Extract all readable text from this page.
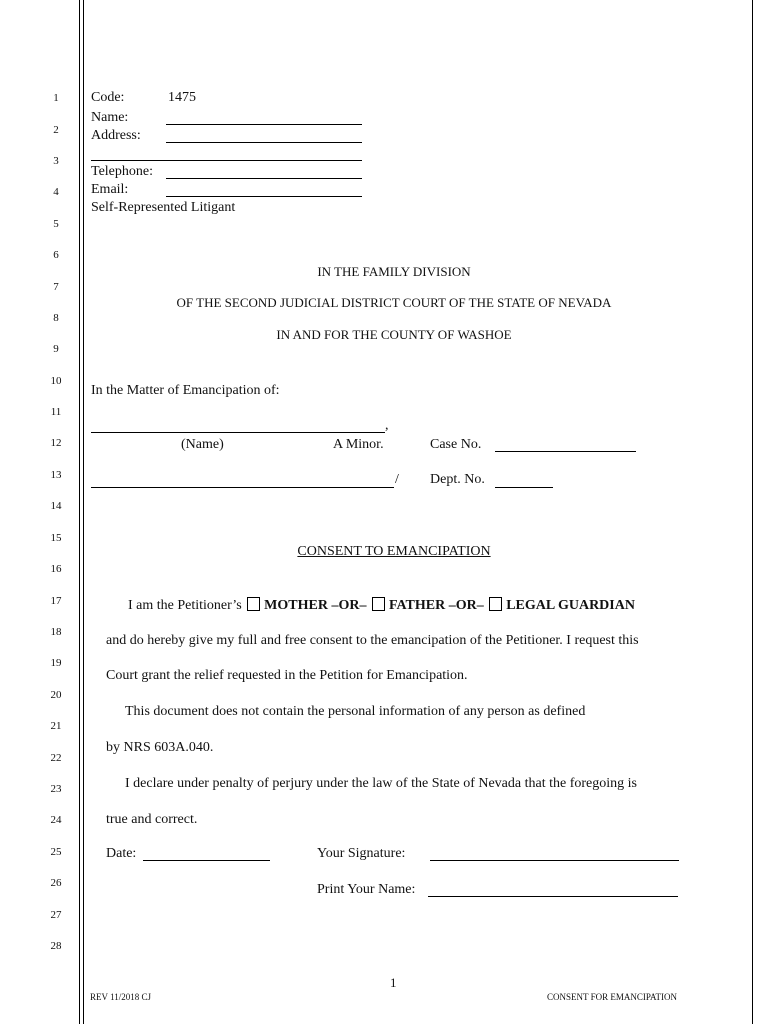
1
2
3
4
5
6
7
8
9
10
11
12
13
14
15
16
17
18
19
20
21
22
23
24
25
26
27
28
Code:	1475
Name:
Address:
Telephone:
Email:
Self-Represented Litigant
IN THE FAMILY DIVISION
OF THE SECOND JUDICIAL DISTRICT COURT OF THE STATE OF NEVADA
IN AND FOR THE COUNTY OF WASHOE
In the Matter of Emancipation of:
,
(Name)	A Minor.	Case No.
/ Dept. No.
CONSENT TO EMANCIPATION
I am the Petitioner’s MOTHER –OR– FATHER –OR– LEGAL GUARDIAN
and do hereby give my full and free consent to the emancipation of the Petitioner. I request this
Court grant the relief requested in the Petition for Emancipation.
This document does not contain the personal information of any person as defined
by NRS 603A.040.
I declare under penalty of perjury under the law of the State of Nevada that the foregoing is
true and correct.
Date:	Your Signature:
Print Your Name:
1
REV 11/2018 CJ	CONSENT FOR EMANCIPATION
